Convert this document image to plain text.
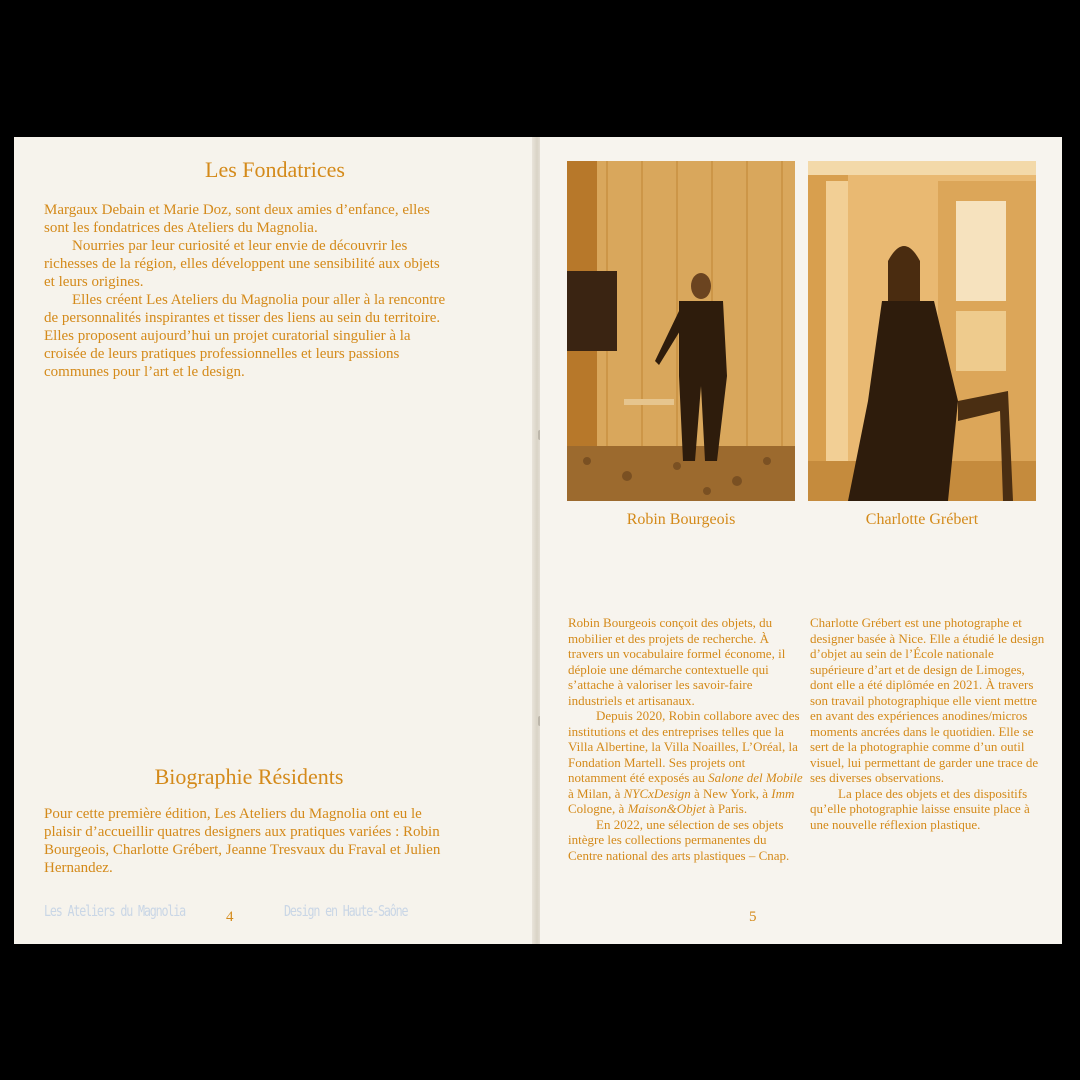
Les Fondatrices

Margaux Debain et Marie Doz, sont deux amies d’enfance, elles sont les fondatrices des Ateliers du Magnolia.

Nourries par leur curiosité et leur envie de découvrir les richesses de la région, elles développent une sensibilité aux objets et leurs origines.

Elles créent Les Ateliers du Magnolia pour aller à la rencontre de personnalités inspirantes et tisser des liens au sein du territoire. Elles proposent aujourd’hui un projet curatorial singulier à la croisée de leurs pratiques professionnelles et leurs passions communes pour l’art et le design.

Biographie Résidents

Pour cette première édition, Les Ateliers du Magnolia ont eu le plaisir d’accueillir quatres designers aux pratiques variées : Robin Bourgeois, Charlotte Grébert, Jeanne Tresvaux du Fraval et Julien Hernandez.

Les Ateliers du Magnolia	4	Design en Haute-Saône
Robin Bourgeois	Charlotte Grébert

Robin Bourgeois conçoit des objets, du mobilier et des projets de recherche. À travers un vocabulaire formel économe, il déploie une démarche contextuelle qui s’attache à valoriser les savoir-faire industriels et artisanaux.

Depuis 2020, Robin collabore avec des institutions et des entreprises telles que la Villa Albertine, la Villa Noailles, L’Oréal, la Fondation Martell. Ses projets ont notamment été exposés au Salone del Mobile à Milan, à NYCxDesign à New York, à Imm Cologne, à Maison&Objet à Paris.

En 2022, une sélection de ses objets intègre les collections permanentes du Centre national des arts plastiques – Cnap.

Charlotte Grébert est une photographe et designer basée à Nice. Elle a étudié le design d’objet au sein de l’École nationale supérieure d’art et de design de Limoges, dont elle a été diplômée en 2021. À travers son travail photographique elle vient mettre en avant des expériences anodines/micros moments ancrées dans le quotidien. Elle se sert de la photographie comme d’un outil visuel, lui permettant de garder une trace de ses diverses observations.

La place des objets et des dispositifs qu’elle photographie laisse ensuite place à une nouvelle réflexion plastique.

5
